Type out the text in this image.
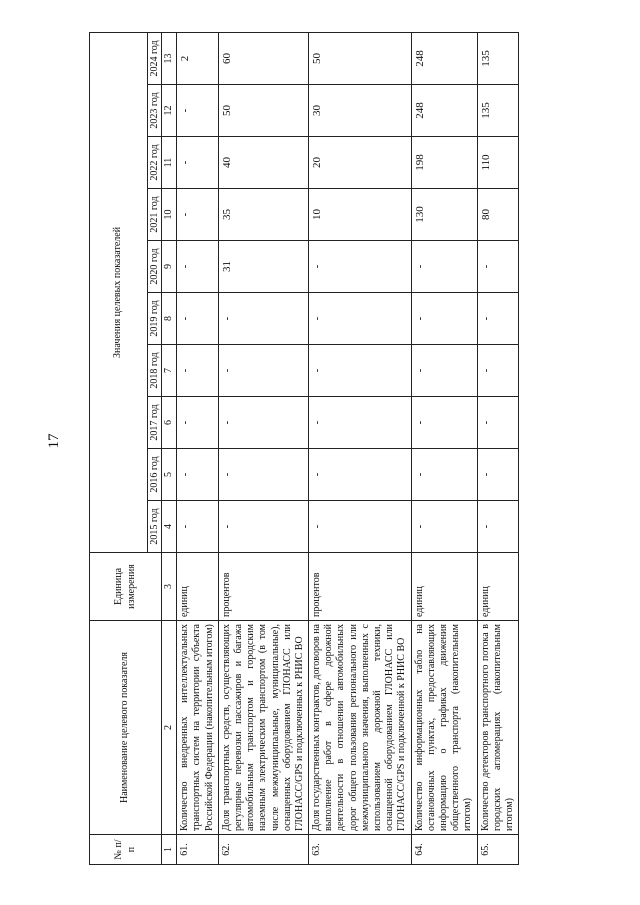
17
№ п/п	Наименование целевого показателя	Единица измерения	Значения целевых показателей									
			2015 год	2016 год	2017 год	2018 год	2019 год	2020 год	2021 год	2022 год	2023 год	2024 год
1	2	3	4	5	6	7	8	9	10	11	12	13
61.	Количество внедренных интеллектуальных транспортных систем на территории субъекта Российской Федерации (накопительным итогом)	единиц	-	-	-	-	-	-	-	-	-	2
62.	Доля транспортных средств, осуществляющих регулярные перевозки пассажиров и багажа автомобильным транспортом и городским наземным электрическим транспортом (в том числе межмуниципальные, муниципальные), оснащенных оборудованием ГЛОНАСС или ГЛОНАСС/GPS и подключенных к РНИС ВО	процентов	-	-	-	-	-	31	35	40	50	60
63.	Доля государственных контрактов, договоров на выполнение работ в сфере дорожной деятельности в отношении автомобильных дорог общего пользования регионального или межмуниципального значения, выполненных с использованием дорожной техники, оснащенной оборудованием ГЛОНАСС или ГЛОНАСС/GPS и подключенной к РНИС ВО	процентов	-	-	-	-	-	-	10	20	30	50
64.	Количество информационных табло на остановочных пунктах, предоставляющих информацию о графиках движения общественного транспорта (накопительным итогом)	единиц	-	-	-	-	-	-	130	198	248	248
65.	Количество детекторов транспортного потока в городских агломерациях (накопительным итогом)	единиц	-	-	-	-	-	-	80	110	135	135
